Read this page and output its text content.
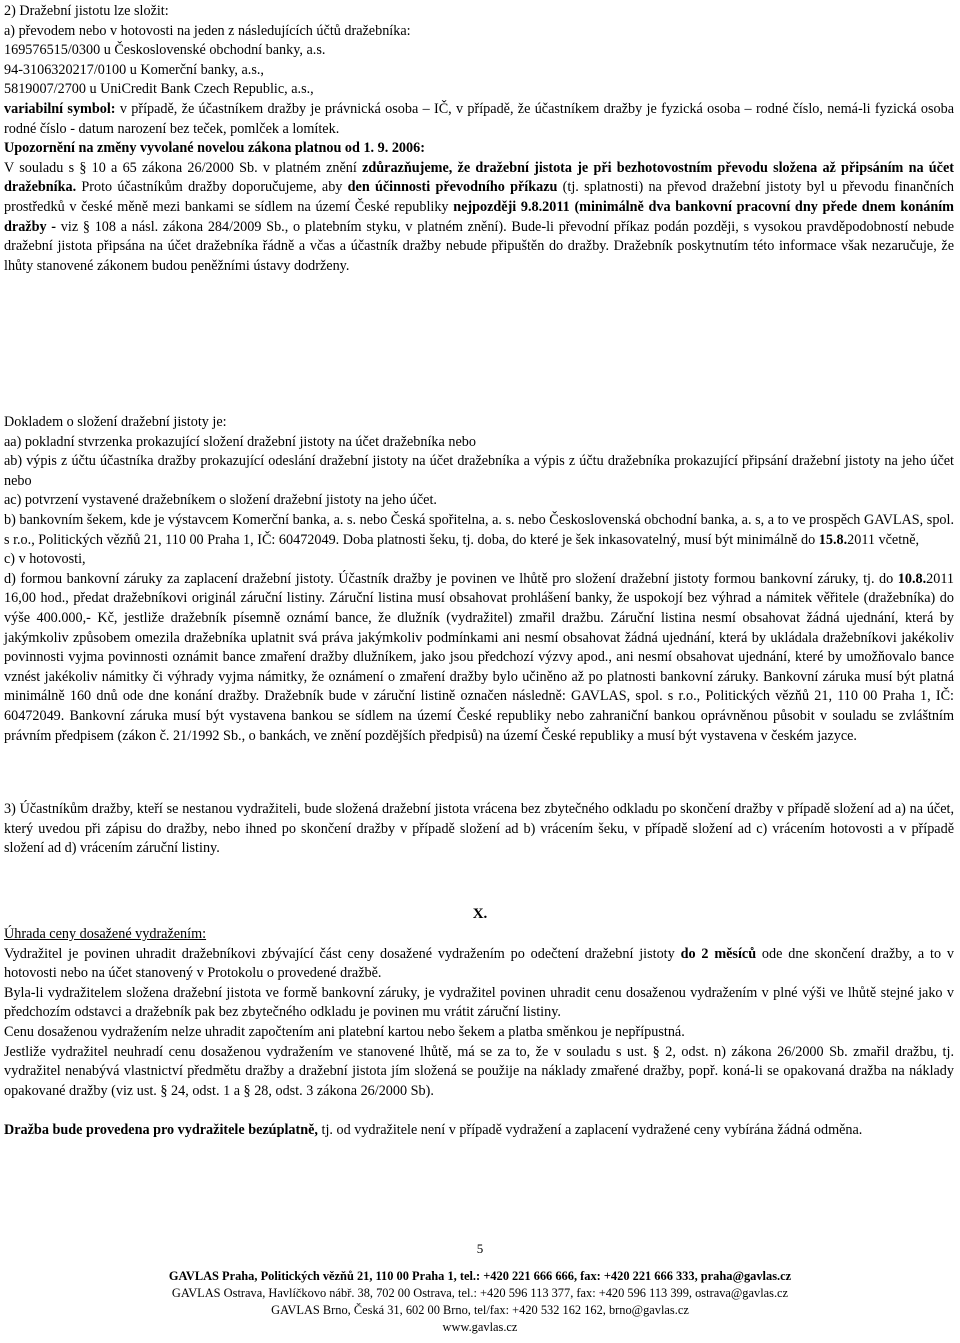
2) Dražební jistotu lze složit:

a) převodem nebo v hotovosti na jeden z následujících účtů dražebníka:

169576515/0300 u Československé obchodní banky, a.s.

94-3106320217/0100 u Komerční banky, a.s.,

5819007/2700 u UniCredit Bank Czech Republic, a.s.,

variabilní symbol: v případě, že účastníkem dražby je právnická osoba – IČ, v případě, že účastníkem dražby je fyzická osoba – rodné číslo, nemá-li fyzická osoba rodné číslo - datum narození bez teček, pomlček a lomítek.

Upozornění na změny vyvolané novelou zákona platnou od 1. 9. 2006:

V souladu s § 10 a 65 zákona 26/2000 Sb. v platném znění zdůrazňujeme, že dražební jistota je při bezhotovostním převodu složena až připsáním na účet dražebníka. Proto účastníkům dražby doporučujeme, aby den účinnosti převodního příkazu (tj. splatnosti) na převod dražební jistoty byl u převodu finančních prostředků v české měně mezi bankami se sídlem na území České republiky nejpozději 9.8.2011 (minimálně dva bankovní pracovní dny přede dnem konáním dražby - viz § 108 a násl. zákona 284/2009 Sb., o platebním styku, v platném znění). Bude-li převodní příkaz podán později, s vysokou pravděpodobností nebude dražební jistota připsána na účet dražebníka řádně a včas a účastník dražby nebude připuštěn do dražby. Dražebník poskytnutím této informace však nezaručuje, že lhůty stanovené zákonem budou peněžními ústavy dodrženy.

Dokladem o složení dražební jistoty je:

aa) pokladní stvrzenka prokazující složení dražební jistoty na účet dražebníka nebo

ab) výpis z účtu účastníka dražby prokazující odeslání dražební jistoty na účet dražebníka a výpis z účtu dražebníka prokazující připsání dražební jistoty na jeho účet nebo

ac) potvrzení vystavené dražebníkem o složení dražební jistoty na jeho účet.

b) bankovním šekem, kde je výstavcem Komerční banka, a. s. nebo Česká spořitelna, a. s. nebo Československá obchodní banka, a. s, a to ve prospěch GAVLAS, spol. s r.o., Politických vězňů 21, 110 00 Praha 1, IČ: 60472049. Doba platnosti šeku, tj. doba, do které je šek inkasovatelný, musí být minimálně do 15.8.2011 včetně,

c) v hotovosti,

d) formou bankovní záruky za zaplacení dražební jistoty. Účastník dražby je povinen ve lhůtě pro složení dražební jistoty formou bankovní záruky, tj. do 10.8.2011 16,00 hod., předat dražebníkovi originál záruční listiny. Záruční listina musí obsahovat prohlášení banky, že uspokojí bez výhrad a námitek věřitele (dražebníka) do výše 400.000,- Kč, jestliže dražebník písemně oznámí bance, že dlužník (vydražitel) zmařil dražbu. Záruční listina nesmí obsahovat žádná ujednání, která by jakýmkoliv způsobem omezila dražebníka uplatnit svá práva jakýmkoliv podmínkami ani nesmí obsahovat žádná ujednání, která by ukládala dražebníkovi jakékoliv povinnosti vyjma povinnosti oznámit bance zmaření dražby dlužníkem, jako jsou předchozí výzvy apod., ani nesmí obsahovat ujednání, které by umožňovalo bance vznést jakékoliv námitky či výhrady vyjma námitky, že oznámení o zmaření dražby bylo učiněno až po platnosti bankovní záruky. Bankovní záruka musí být platná minimálně 160 dnů ode dne konání dražby. Dražebník bude v záruční listině označen následně: GAVLAS, spol. s r.o., Politických vězňů 21, 110 00 Praha 1, IČ: 60472049. Bankovní záruka musí být vystavena bankou se sídlem na území České republiky nebo zahraniční bankou oprávněnou působit v souladu se zvláštním právním předpisem (zákon č. 21/1992 Sb., o bankách, ve znění pozdějších předpisů) na území České republiky a musí být vystavena v českém jazyce.

3) Účastníkům dražby, kteří se nestanou vydražiteli, bude složená dražební jistota vrácena bez zbytečného odkladu po skončení dražby v případě složení ad a) na účet, který uvedou při zápisu do dražby, nebo ihned po skončení dražby v případě složení ad b) vrácením šeku, v případě složení ad c) vrácením hotovosti a v případě složení ad d) vrácením záruční listiny.

X.

Úhrada ceny dosažené vydražením:

Vydražitel je povinen uhradit dražebníkovi zbývající část ceny dosažené vydražením po odečtení dražební jistoty do 2 měsíců ode dne skončení dražby, a to v hotovosti nebo na účet stanovený v Protokolu o provedené dražbě.

Byla-li vydražitelem složena dražební jistota ve formě bankovní záruky, je vydražitel povinen uhradit cenu dosaženou vydražením v plné výši ve lhůtě stejné jako v předchozím odstavci a dražebník pak bez zbytečného odkladu je povinen mu vrátit záruční listiny.

Cenu dosaženou vydražením nelze uhradit započtením ani platební kartou nebo šekem a platba směnkou je nepřípustná.

Jestliže vydražitel neuhradí cenu dosaženou vydražením ve stanovené lhůtě, má se za to, že v souladu s ust. § 2, odst. n) zákona 26/2000 Sb. zmařil dražbu, tj. vydražitel nenabývá vlastnictví předmětu dražby a dražební jistota jím složená se použije na náklady zmařené dražby, popř. koná-li se opakovaná dražba na náklady opakované dražby (viz ust. § 24, odst. 1 a § 28, odst. 3 zákona 26/2000 Sb).

Dražba bude provedena pro vydražitele bezúplatně, tj. od vydražitele není v případě vydražení a zaplacení vydražené ceny vybírána žádná odměna.

5

GAVLAS Praha, Politických vězňů 21, 110 00 Praha 1, tel.: +420 221 666 666, fax: +420 221 666 333, praha@gavlas.cz

GAVLAS Ostrava, Havlíčkovo nábř. 38, 702 00 Ostrava, tel.: +420 596 113 377, fax: +420 596 113 399, ostrava@gavlas.cz

GAVLAS Brno, Česká 31, 602 00 Brno, tel/fax: +420 532 162 162, brno@gavlas.cz

www.gavlas.cz
